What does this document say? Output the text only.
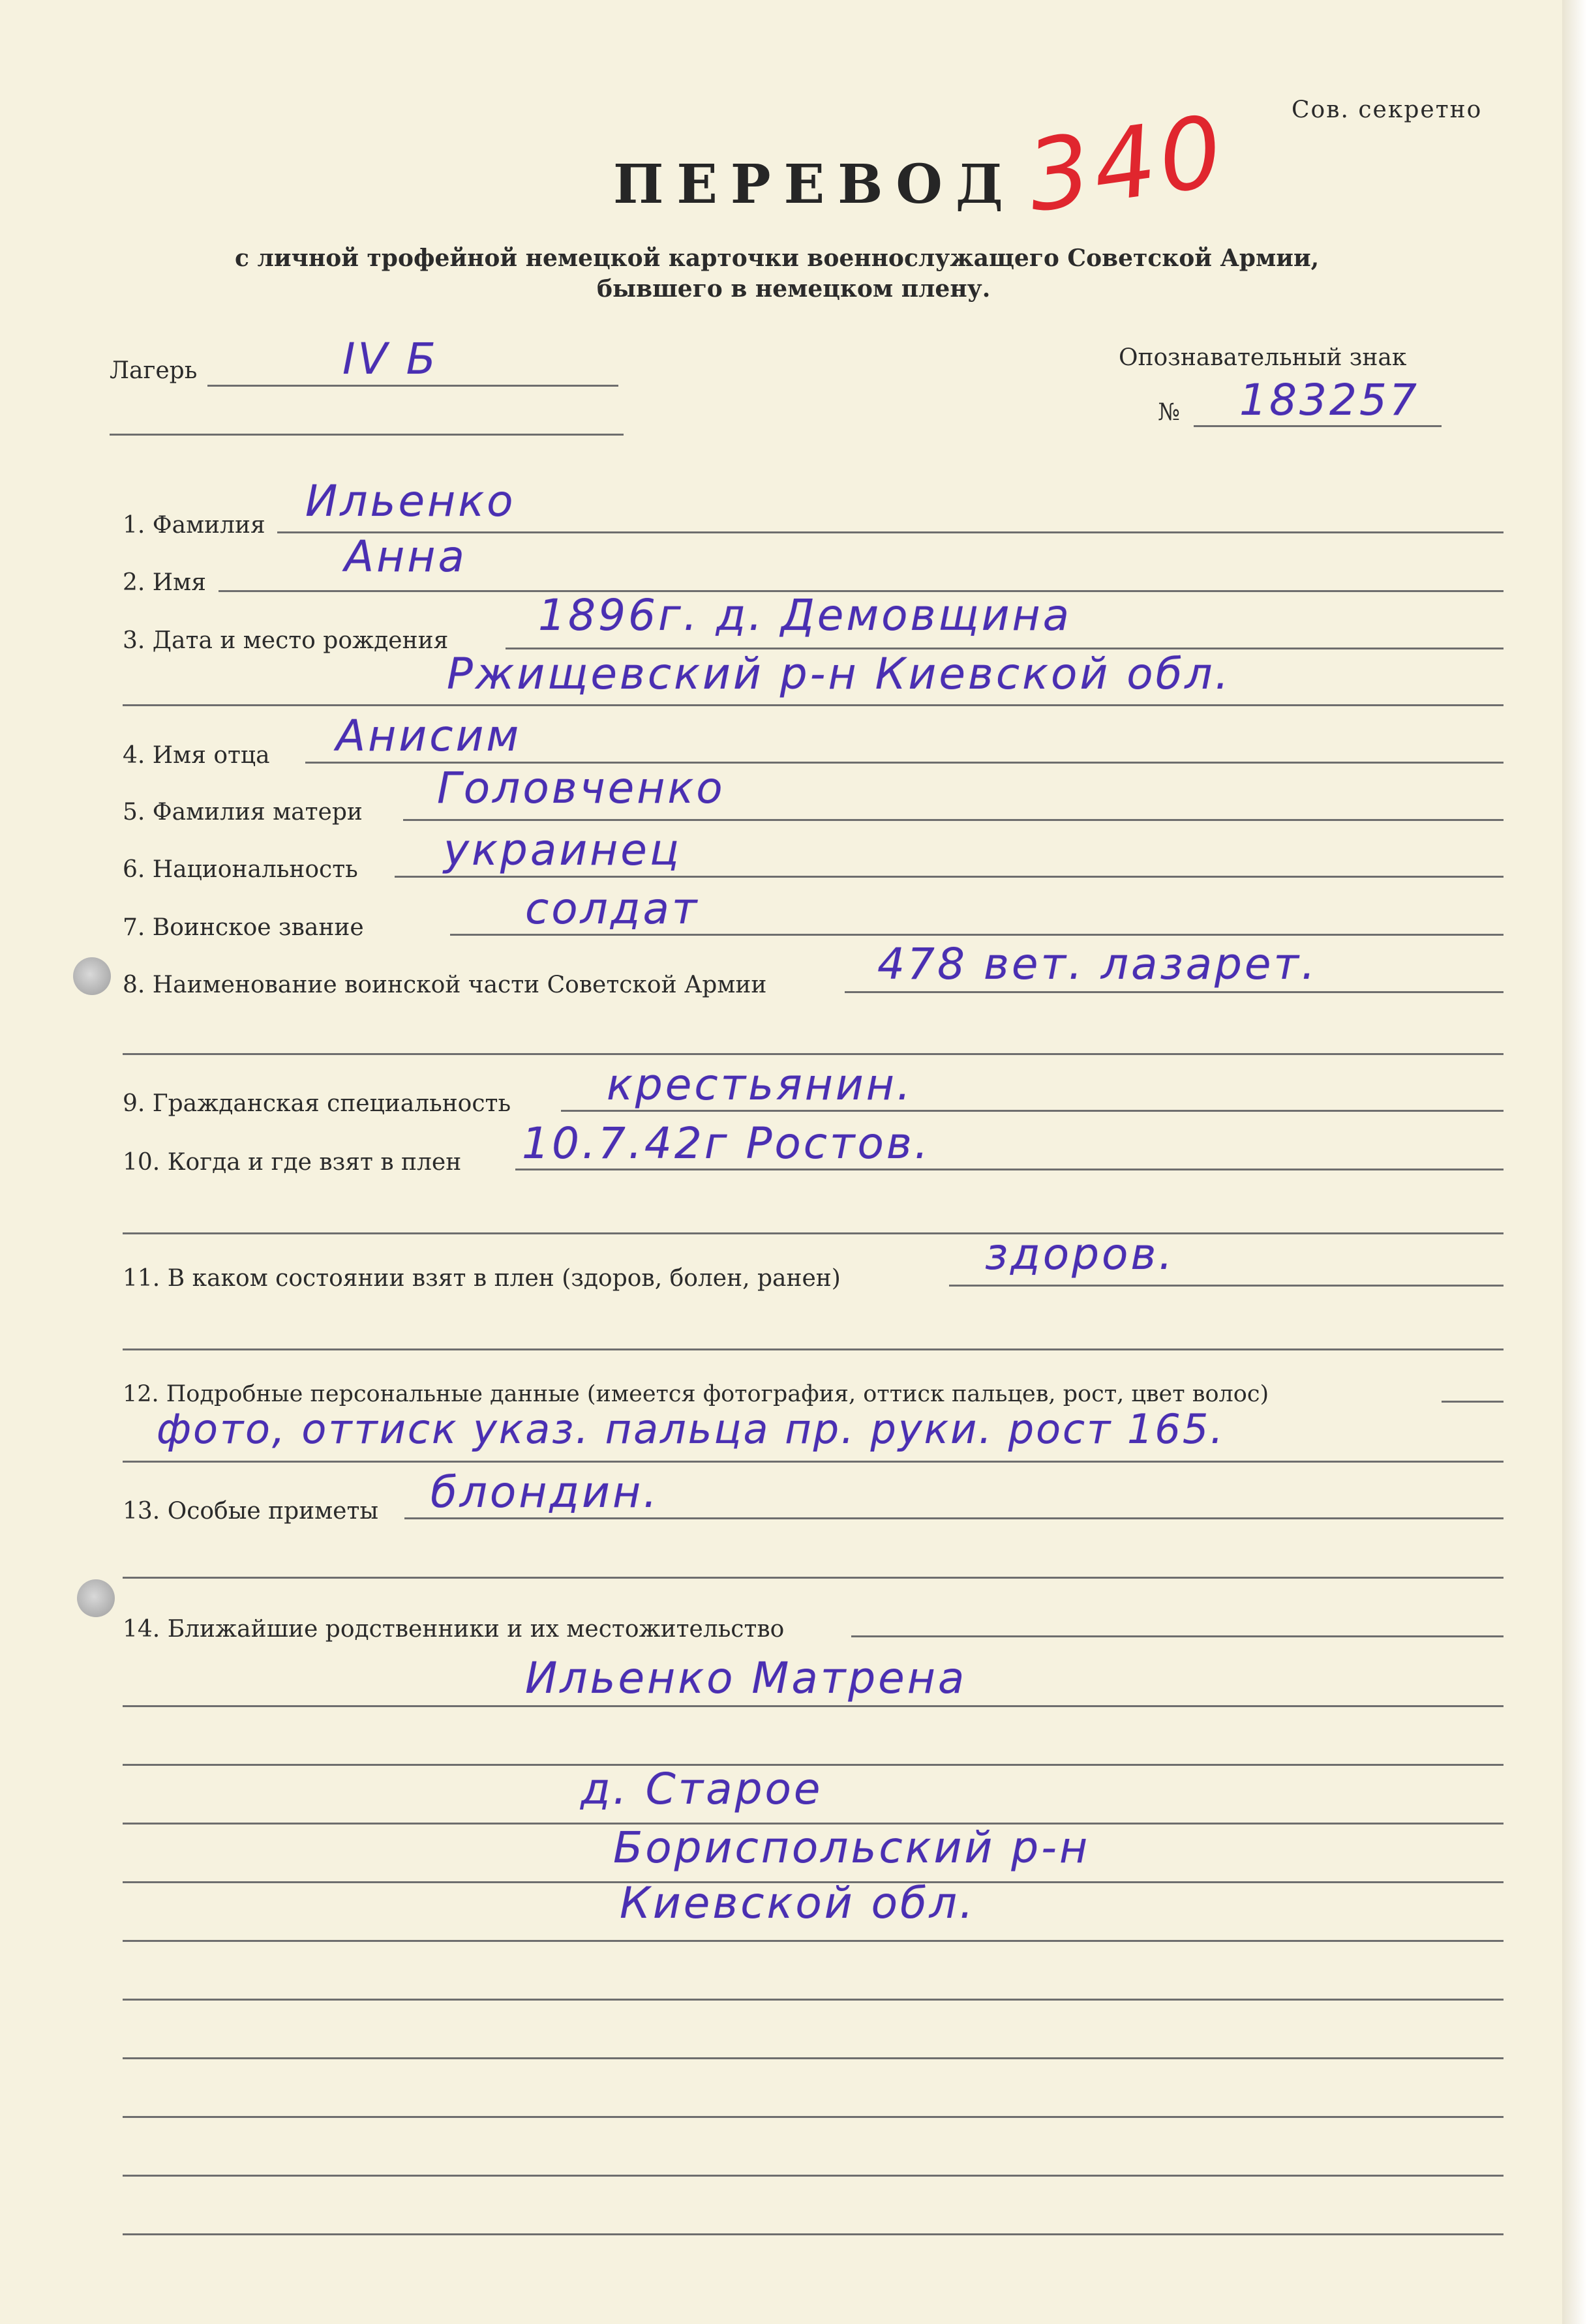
Сов. секретно
ПЕРЕВОД 340
с личной трофейной немецкой карточки военнослужащего Советской Армии,
бывшего в немецком плену.
Лагерь	IV Б	Опознавательный знак
№ 183257
1. Фамилия Ильенко
2. Имя
Анна
3. Дата и место рождения
1896г. д. Демовщина
Ржищевский р-н Киевской обл.
4. Имя отца Анисим
5. Фамилия матери Головченко
6. Национальность украинец
7. Воинское звание	солдат
8. Наименование воинской части Советской Армии	478 вет. лазарет.
9. Гражданская специальность крестьянин.
10. Когда и где взят в плен 10.7.42г Ростов.
11. В каком состоянии взят в плен (здоров, болен, ранен)	здоров.
12. Подробные персональные данные (имеется фотография, оттиск пальцев, рост, цвет волос)
фото, оттиск указ. пальца пр. руки. рост 165.
13. Особые приметы блондин.
14. Ближайшие родственники и их местожительство
Ильенко Матрена
д. Старое
Бориспольский р-н
Киевской обл.
